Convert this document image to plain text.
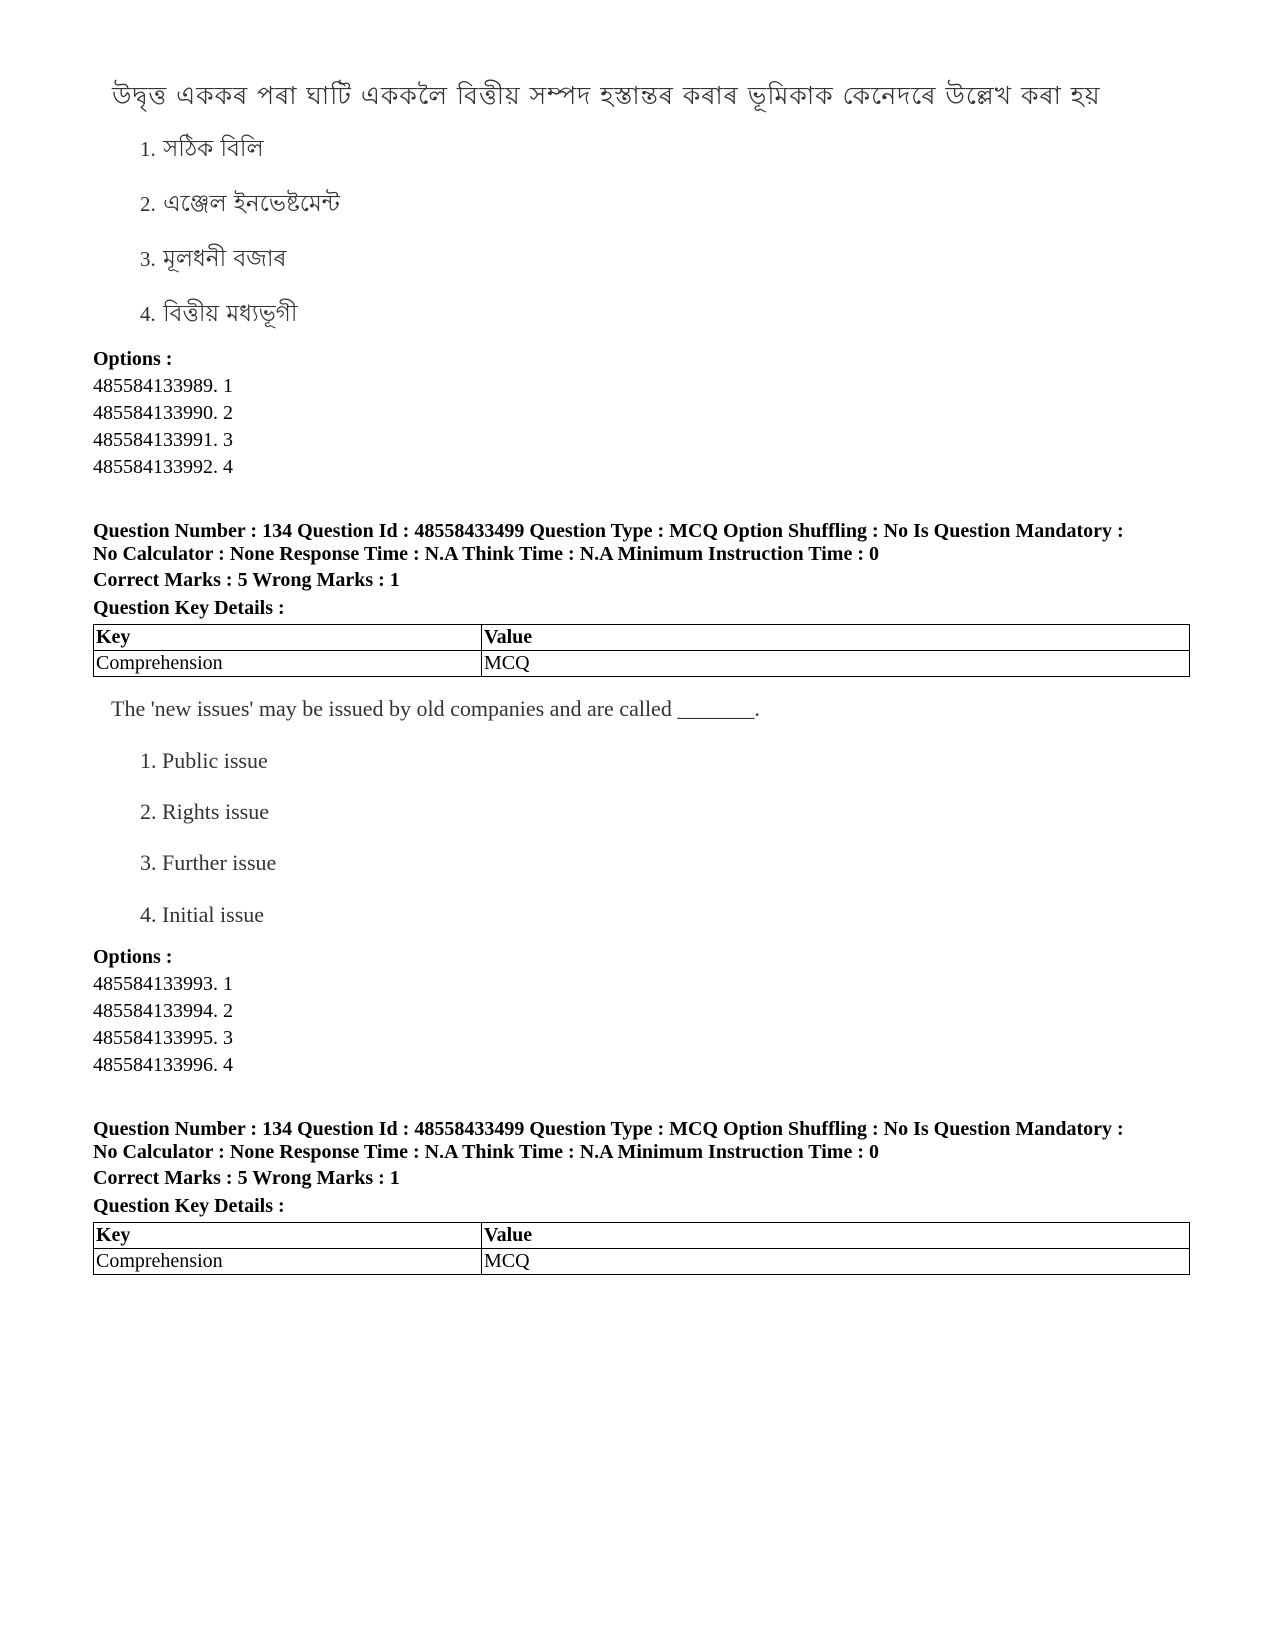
উদ্বৃত্ত এককৰ পৰা ঘাটি এককলৈ বিত্তীয় সম্পদ হস্তান্তৰ কৰাৰ ভূমিকাক কেনেদৰে উল্লেখ কৰা হয়
1. সঠিক বিলি
2. এঞ্জেল ইনভেষ্টমেন্ট
3. মূলধনী বজাৰ
4. বিত্তীয় মধ্যভূগী
Options :
485584133989. 1
485584133990. 2
485584133991. 3
485584133992. 4
Question Number : 134 Question Id : 48558433499 Question Type : MCQ Option Shuffling : No Is Question Mandatory :
No Calculator : None Response Time : N.A Think Time : N.A Minimum Instruction Time : 0
Correct Marks : 5 Wrong Marks : 1
Question Key Details :
Key	Value
Comprehension	MCQ
The 'new issues' may be issued by old companies and are called _______.
1. Public issue
2. Rights issue
3. Further issue
4. Initial issue
Options :
485584133993. 1
485584133994. 2
485584133995. 3
485584133996. 4
Question Number : 134 Question Id : 48558433499 Question Type : MCQ Option Shuffling : No Is Question Mandatory :
No Calculator : None Response Time : N.A Think Time : N.A Minimum Instruction Time : 0
Correct Marks : 5 Wrong Marks : 1
Question Key Details :
Key	Value
Comprehension	MCQ
